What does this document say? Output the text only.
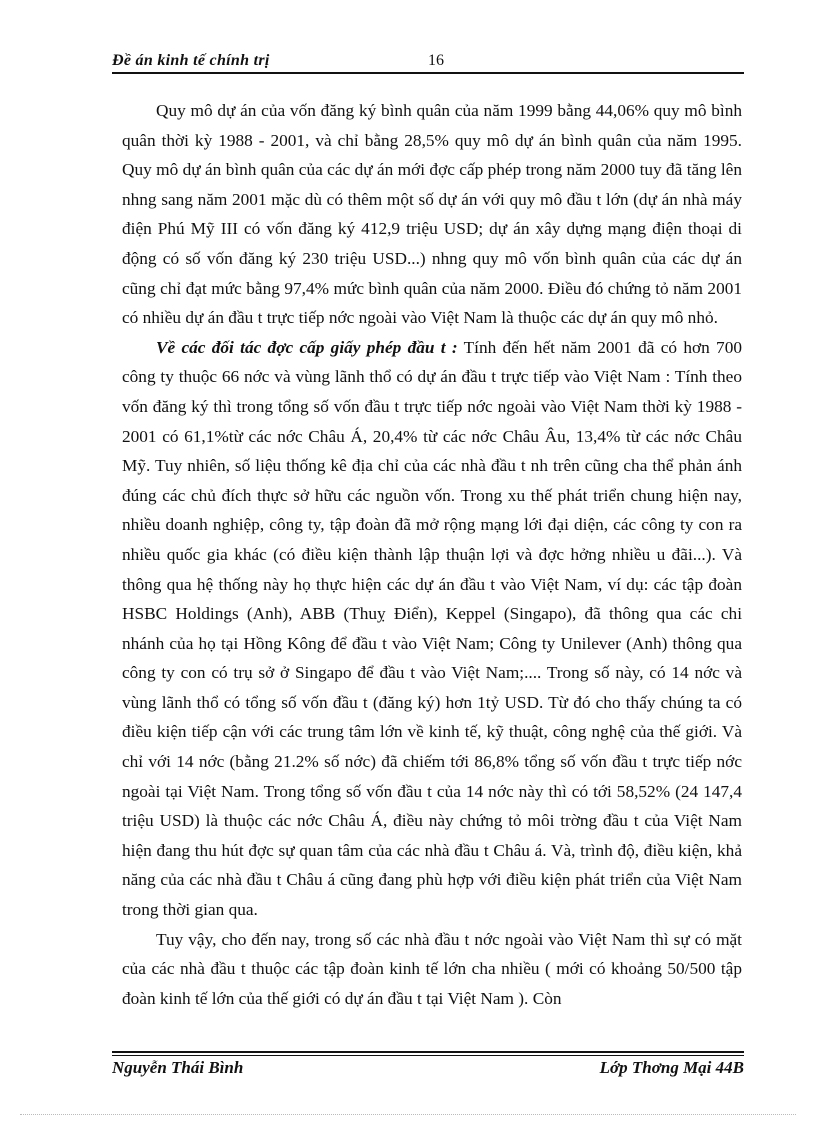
Đề án kinh tế chính trị	16

Quy mô dự án của vốn đăng ký bình quân của năm 1999 bằng 44,06% quy mô bình quân thời kỳ 1988 - 2001, và chỉ bằng 28,5% quy mô dự án bình quân của năm 1995. Quy mô dự án bình quân của các dự án mới đợc cấp phép trong năm 2000 tuy đã tăng lên nhng sang năm 2001 mặc dù có thêm một số dự án với quy mô đầu t lớn (dự án nhà máy điện Phú Mỹ III có vốn đăng ký 412,9 triệu USD; dự án xây dựng mạng điện thoại di động có số vốn đăng ký 230 triệu USD...) nhng quy mô vốn bình quân của các dự án cũng chỉ đạt mức bằng 97,4% mức bình quân của năm 2000. Điều đó chứng tỏ năm 2001 có nhiều dự án đầu t trực tiếp nớc ngoài vào Việt Nam là thuộc các dự án quy mô nhỏ.

Về các đối tác đợc cấp giấy phép đầu t : Tính đến hết năm 2001 đã có hơn 700 công ty thuộc 66 nớc và vùng lãnh thổ có dự án đầu t trực tiếp vào Việt Nam : Tính theo vốn đăng ký thì trong tổng số vốn đầu t trực tiếp nớc ngoài vào Việt Nam thời kỳ 1988 - 2001 có 61,1%từ các nớc Châu Á, 20,4% từ các nớc Châu Âu, 13,4% từ các nớc Châu Mỹ. Tuy nhiên, số liệu thống kê địa chỉ của các nhà đầu t nh trên cũng cha thể phản ánh đúng các chủ đích thực sở hữu các nguồn vốn. Trong xu thế phát triển chung hiện nay, nhiều doanh nghiệp, công ty, tập đoàn đã mở rộng mạng lới đại diện, các công ty con ra nhiều quốc gia khác (có điều kiện thành lập thuận lợi và đợc hởng nhiều u đãi...). Và thông qua hệ thống này họ thực hiện các dự án đầu t vào Việt Nam, ví dụ: các tập đoàn HSBC Holdings (Anh), ABB (Thuỵ Điển), Keppel (Singapo), đã thông qua các chi nhánh của họ tại Hồng Kông để đầu t vào Việt Nam; Công ty Unilever (Anh) thông qua công ty con có trụ sở ở Singapo để đầu t vào Việt Nam;.... Trong số này, có 14 nớc và vùng lãnh thổ có tổng số vốn đầu t (đăng ký) hơn 1tỷ USD. Từ đó cho thấy chúng ta có điều kiện tiếp cận với các trung tâm lớn về kinh tế, kỹ thuật, công nghệ của thế giới. Và chỉ với 14 nớc (bằng 21.2% số nớc) đã chiếm tới 86,8% tổng số vốn đầu t trực tiếp nớc ngoài tại Việt Nam. Trong tổng số vốn đầu t của 14 nớc này thì có tới 58,52% (24 147,4 triệu USD) là thuộc các nớc Châu Á, điều này chứng tỏ môi trờng đầu t của Việt Nam hiện đang thu hút đợc sự quan tâm của các nhà đầu t Châu á. Và, trình độ, điều kiện, khả năng của các nhà đầu t Châu á cũng đang phù hợp với điều kiện phát triển của Việt Nam trong thời gian qua.

Tuy vậy, cho đến nay, trong số các nhà đầu t nớc ngoài vào Việt Nam thì sự có mặt của các nhà đầu t thuộc các tập đoàn kinh tế lớn cha nhiều ( mới có khoảng 50/500 tập đoàn kinh tế lớn của thế giới có dự án đầu t tại Việt Nam ). Còn

Nguyễn Thái Bình	Lớp Thơng Mại 44B
